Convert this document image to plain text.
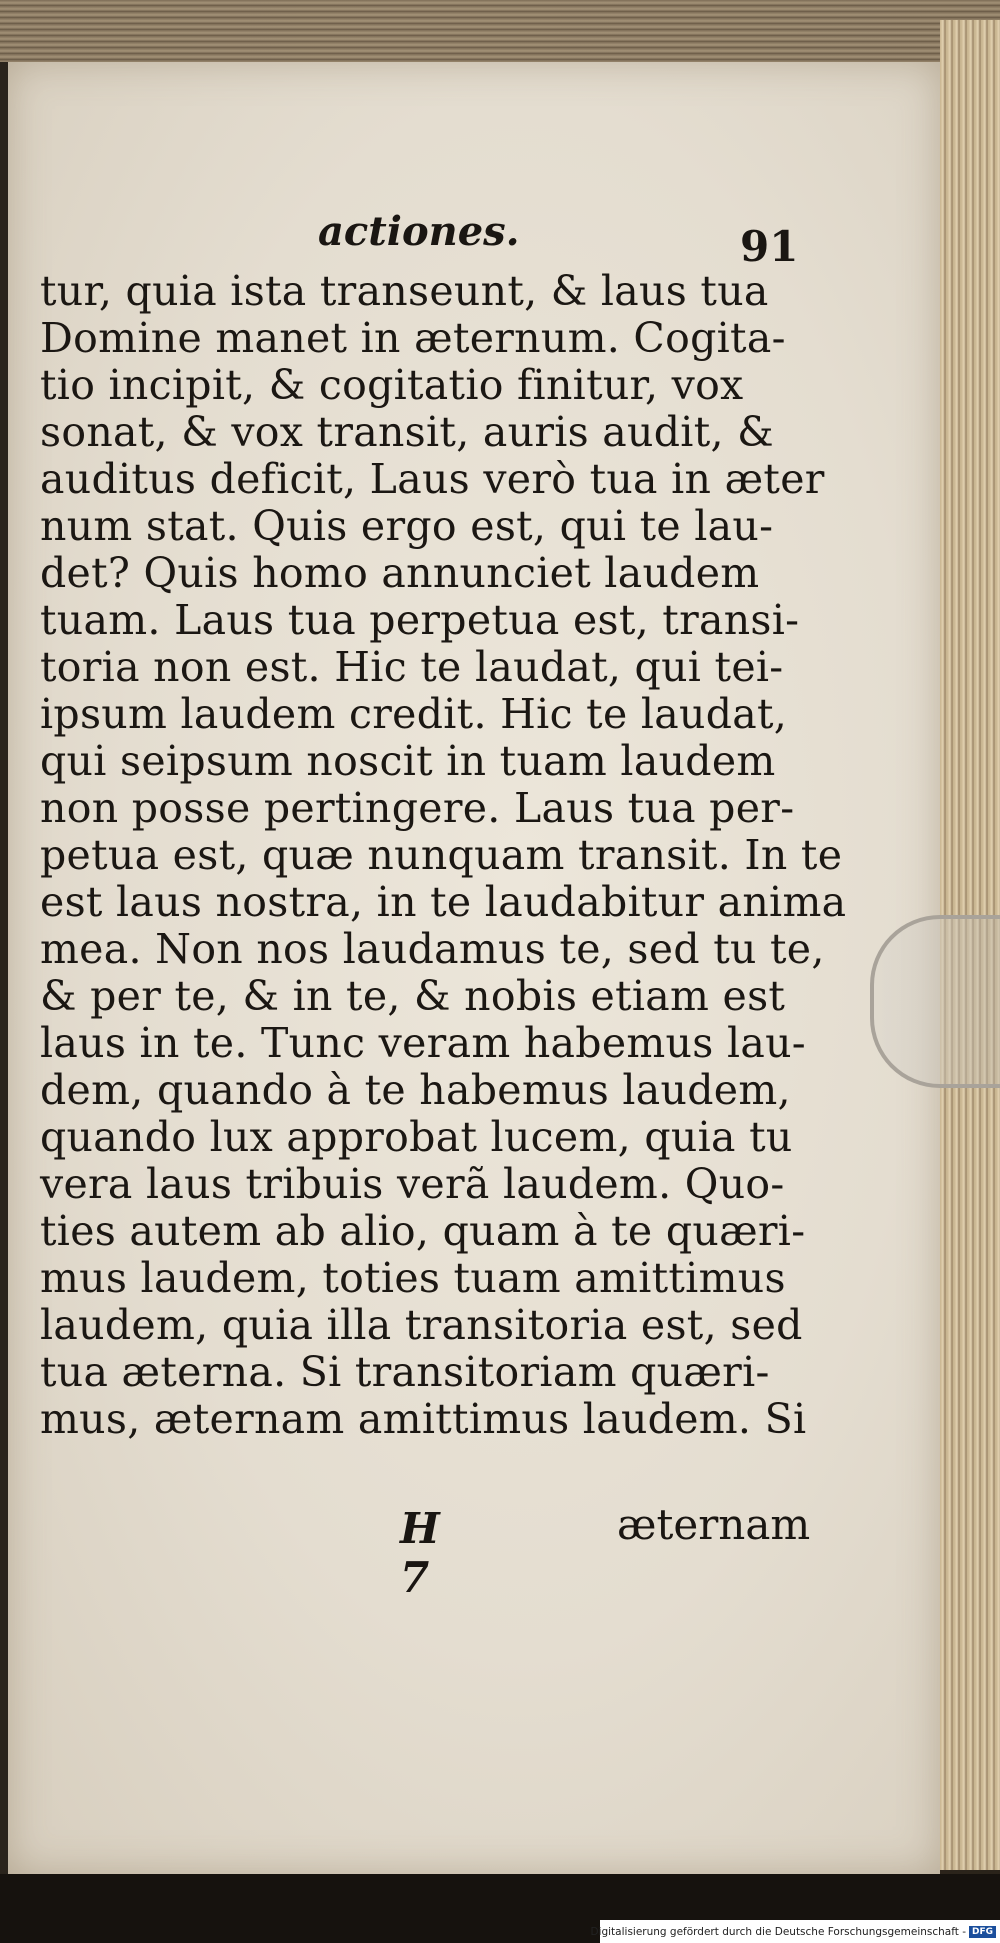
actiones.	91
tur, quia ista transeunt, & laus tua
Domine manet in æternum. Cogita-
tio incipit, & cogitatio finitur, vox
sonat, & vox transit, auris audit, &
auditus deficit, Laus verò tua in æter
num stat. Quis ergo est, qui te lau-
det? Quis homo annunciet laudem
tuam. Laus tua perpetua est, transi-
toria non est. Hic te laudat, qui tei-
ipsum laudem credit. Hic te laudat,
qui seipsum noscit in tuam laudem
non posse pertingere. Laus tua per-
petua est, quæ nunquam transit. In te
est laus nostra, in te laudabitur anima
mea. Non nos laudamus te, sed tu te,
& per te, & in te, & nobis etiam est
laus in te. Tunc veram habemus lau-
dem, quando à te habemus laudem,
quando lux approbat lucem, quia tu
vera laus tribuis verã laudem. Quo-
ties autem ab alio, quam à te quæri-
mus laudem, toties tuam amittimus
laudem, quia illa transitoria est, sed
tua æterna. Si transitoriam quæri-
mus, æternam amittimus laudem. Si
H 7
æternam
Digitalisierung gefördert durch die Deutsche Forschungsgemeinschaft - DFG
